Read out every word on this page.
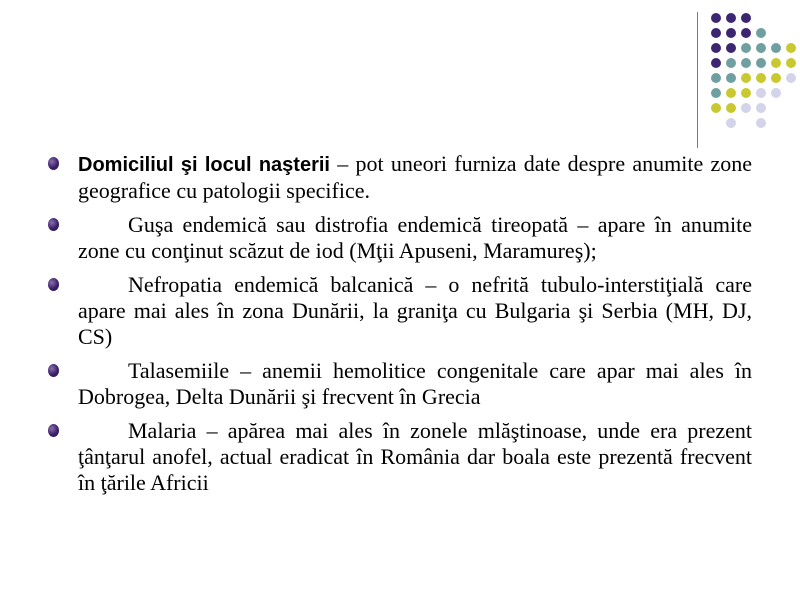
Domiciliul şi locul naşterii – pot uneori furniza date despre anumite zone geografice cu patologii specifice.
Guşa endemică sau distrofia endemică tireopată – apare în anumite zone cu conţinut scăzut de iod (Mţii Apuseni, Maramureş);
Nefropatia endemică balcanică – o nefrită tubulo-interstiţială care apare mai ales în zona Dunării, la graniţa cu Bulgaria şi Serbia (MH, DJ, CS)
Talasemiile – anemii hemolitice congenitale care apar mai ales în Dobrogea, Delta Dunării şi frecvent în Grecia
Malaria – apărea mai ales în zonele mlăştinoase, unde era prezent ţânţarul anofel, actual eradicat în România dar boala este prezentă frecvent în ţările Africii
